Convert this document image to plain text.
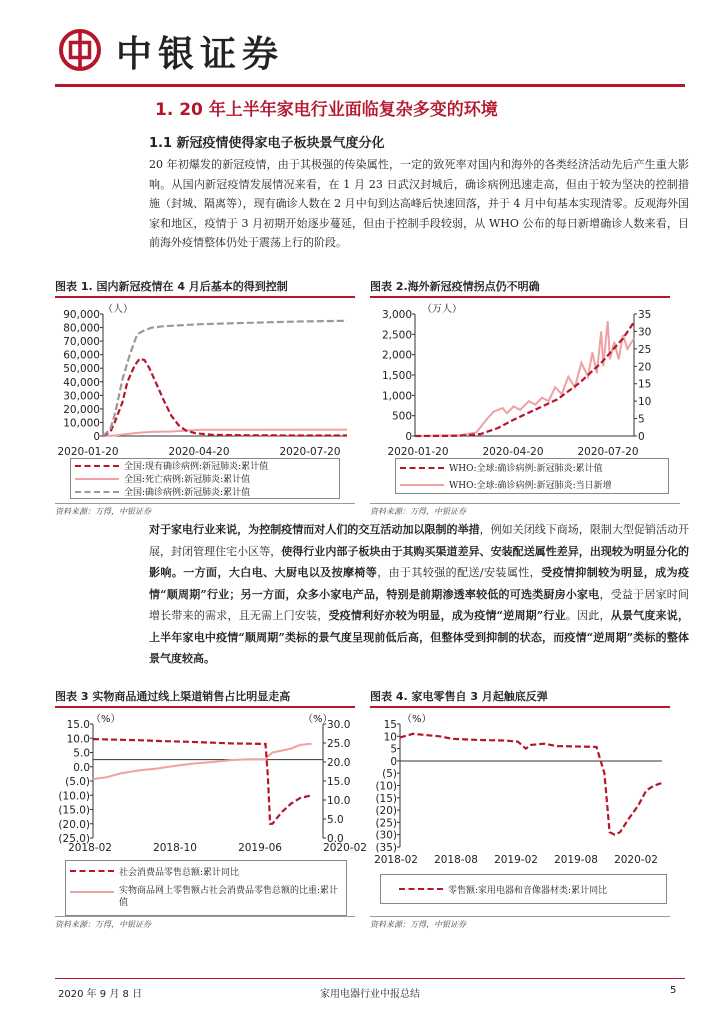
中银证券
1. 20 年上半年家电行业面临复杂多变的环境
1.1 新冠疫情使得家电子板块景气度分化
20 年初爆发的新冠疫情，由于其极强的传染属性，一定的致死率对国内和海外的各类经济活动先后产生重大影响。从国内新冠疫情发展情况来看，在 1 月 23 日武汉封城后，确诊病例迅速走高，但由于较为坚决的控制措施（封城、隔离等），现有确诊人数在 2 月中旬到达高峰后快速回落，并于 4 月中旬基本实现清零。反观海外国家和地区，疫情于 3 月初期开始逐步蔓延，但由于控制手段较弱，从 WHO 公布的每日新增确诊人数来看，目前海外疫情整体仍处于震荡上行的阶段。
图表 1. 国内新冠疫情在 4 月后基本的得到控制
0
10,000
20,000
30,000
40,000
50,000
60,000
70,000
80,000
90,000
2020-01-20	2020-04-20	2020-07-20
（人）
全国:现有确诊病例:新冠肺炎:累计值
全国:死亡病例:新冠肺炎:累计值
全国:确诊病例:新冠肺炎:累计值
资料来源：万得，中银证券
图表 2.海外新冠疫情拐点仍不明确
0
500
1,000
1,500
2,000
2,500
3,000
0
5
10
15
20
25
30
35
2020-01-20	2020-04-20	2020-07-20
（万人）
WHO:全球:确诊病例:新冠肺炎:累计值
WHO:全球:确诊病例:新冠肺炎:当日新增
资料来源：万得，中银证券
对于家电行业来说，为控制疫情而对人们的交互活动加以限制的举措，例如关闭线下商场，限制大型促销活动开展，封闭管理住宅小区等，使得行业内部子板块由于其购买渠道差异、安装配送属性差异，出现较为明显分化的影响。一方面，大白电、大厨电以及按摩椅等，由于其较强的配送/安装属性，受疫情抑制较为明显，成为疫情“顺周期”行业；另一方面，众多小家电产品，特别是前期渗透率较低的可选类厨房小家电，受益于居家时间增长带来的需求，且无需上门安装，受疫情利好亦较为明显，成为疫情“逆周期”行业。因此，从景气度来说，上半年家电中疫情“顺周期”类标的景气度呈现前低后高，但整体受到抑制的状态，而疫情“逆周期”类标的整体景气度较高。
图表 3 实物商品通过线上渠道销售占比明显走高
(25.0)
(20.0)
(15.0)
(10.0)
(5.0)
0.0
5.0
10.0
15.0
0.0
5.0
10.0
15.0
20.0
25.0
30.0
2018-02	2018-10	2019-06	2020-02
（%）	（%）
社会消费品零售总额:累计同比
实物商品网上零售额占社会消费品零售总额的比重:累计值
资料来源：万得，中银证券
图表 4. 家电零售自 3 月起触底反弹
15
10
5
0
(5)
(10)
(15)
(20)
(25)
(30)
(35)
2018-02 2018-08 2019-02 2019-08 2020-02
（%）
零售额:家用电器和音像器材类:累计同比
资料来源：万得，中银证券
2020 年 9 月 8 日	家用电器行业中报总结	5
